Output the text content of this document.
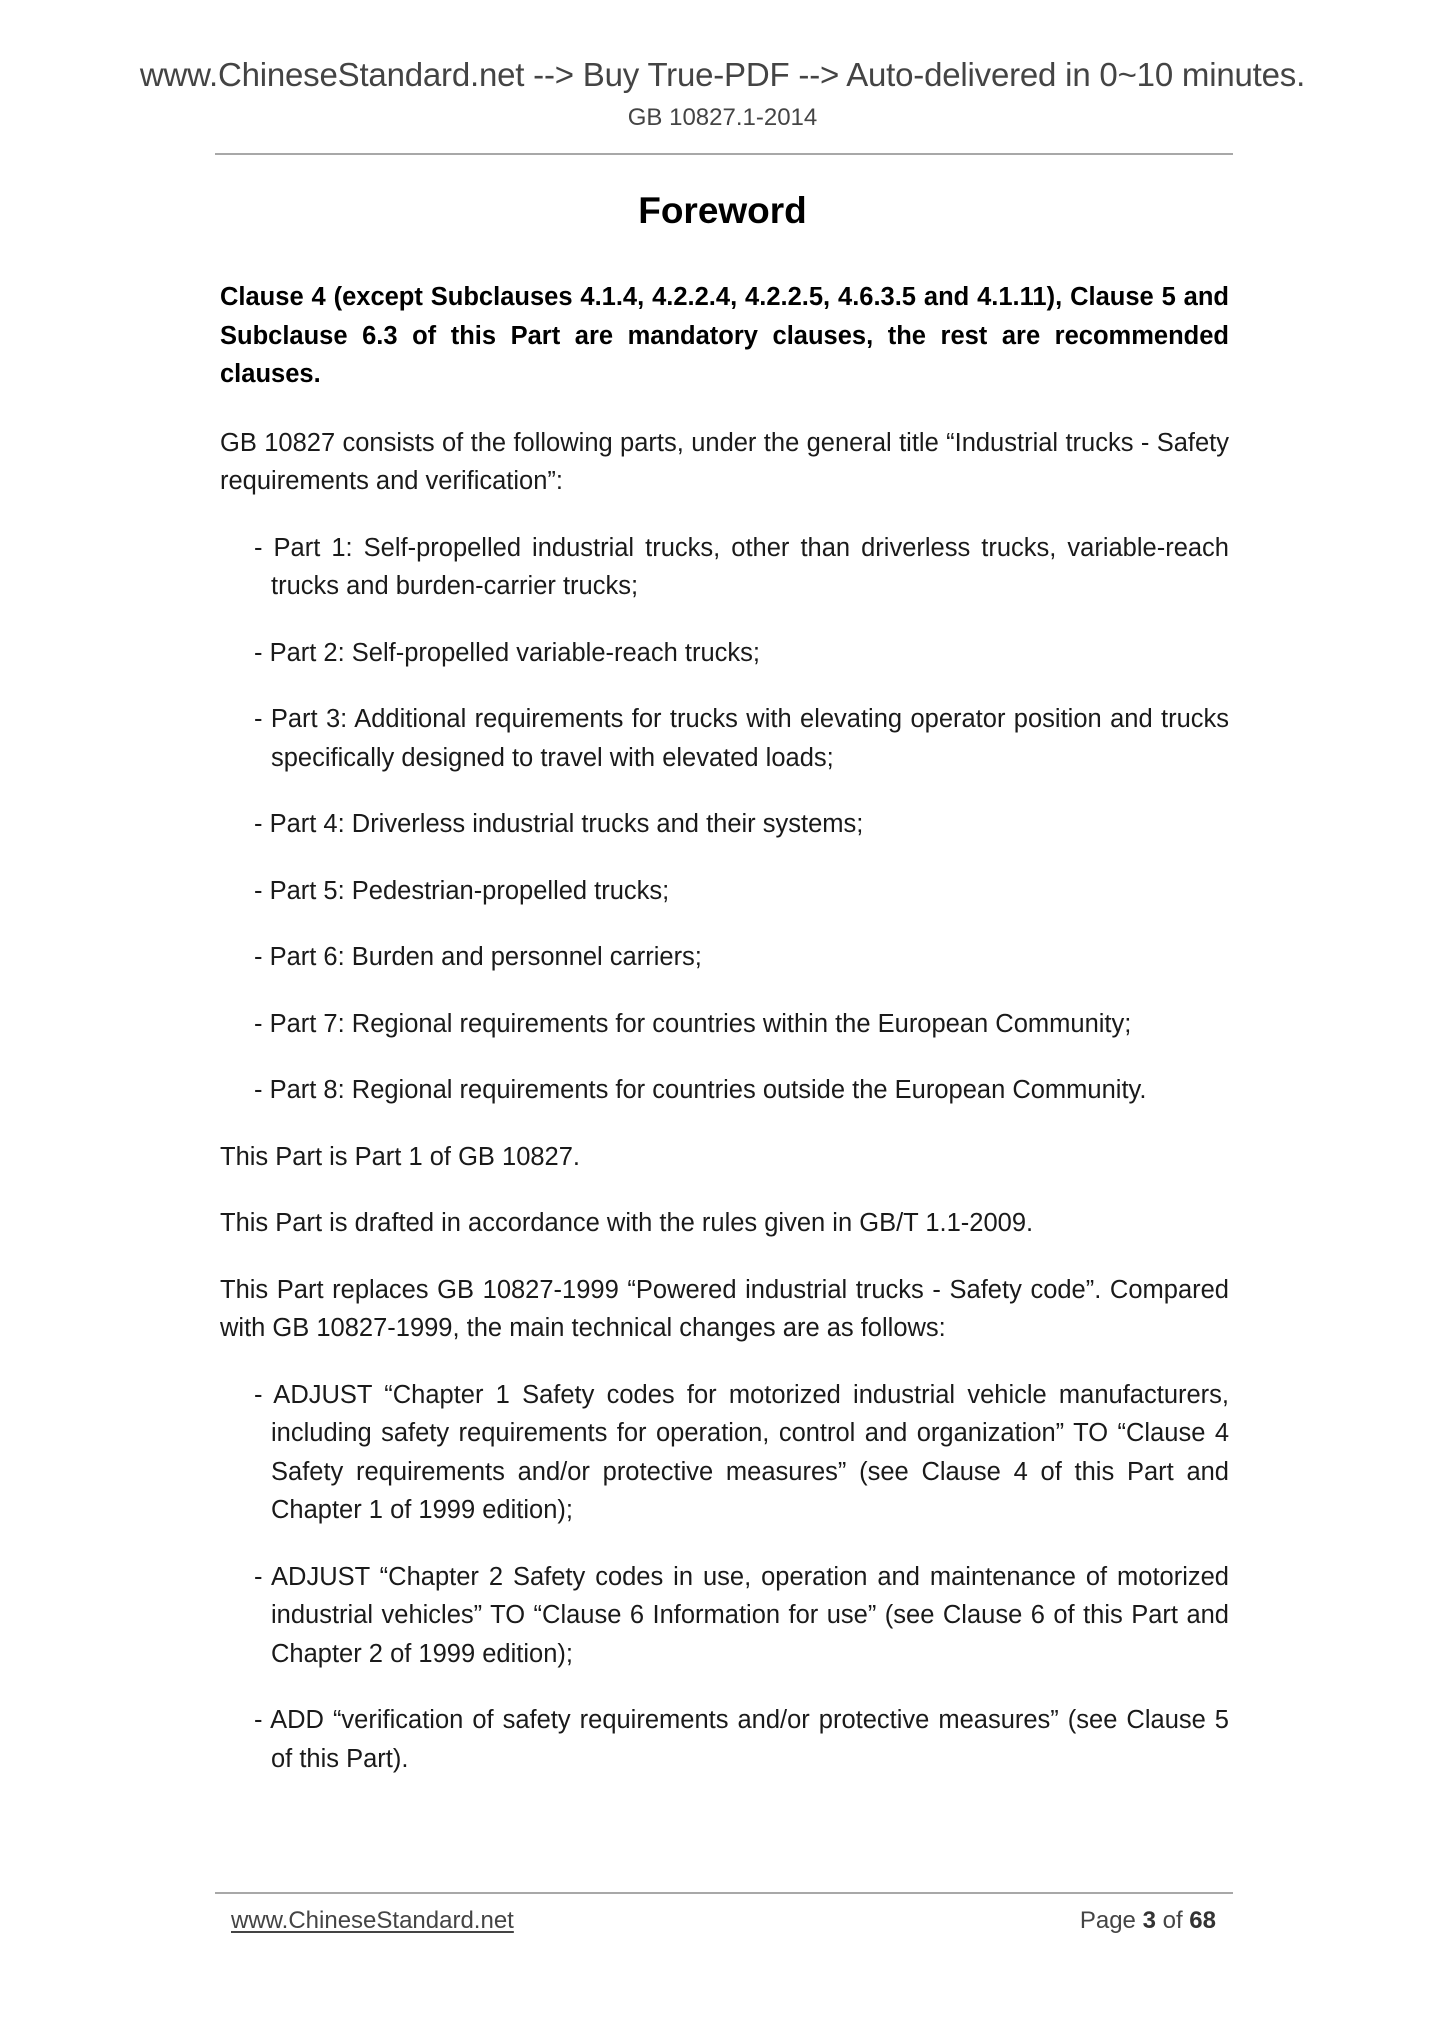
www.ChineseStandard.net --> Buy True-PDF --> Auto-delivered in 0~10 minutes.
GB 10827.1-2014
Foreword

Clause 4 (except Subclauses 4.1.4, 4.2.2.4, 4.2.2.5, 4.6.3.5 and 4.1.11), Clause 5 and Subclause 6.3 of this Part are mandatory clauses, the rest are recommended clauses.

GB 10827 consists of the following parts, under the general title “Industrial trucks - Safety requirements and verification”:

- Part 1: Self-propelled industrial trucks, other than driverless trucks, variable-reach trucks and burden-carrier trucks;

- Part 2: Self-propelled variable-reach trucks;

- Part 3: Additional requirements for trucks with elevating operator position and trucks specifically designed to travel with elevated loads;

- Part 4: Driverless industrial trucks and their systems;

- Part 5: Pedestrian-propelled trucks;

- Part 6: Burden and personnel carriers;

- Part 7: Regional requirements for countries within the European Community;

- Part 8: Regional requirements for countries outside the European Community.

This Part is Part 1 of GB 10827.

This Part is drafted in accordance with the rules given in GB/T 1.1-2009.

This Part replaces GB 10827-1999 “Powered industrial trucks - Safety code”. Compared with GB 10827-1999, the main technical changes are as follows:

- ADJUST “Chapter 1 Safety codes for motorized industrial vehicle manufacturers, including safety requirements for operation, control and organization” TO “Clause 4 Safety requirements and/or protective measures” (see Clause 4 of this Part and Chapter 1 of 1999 edition);

- ADJUST “Chapter 2 Safety codes in use, operation and maintenance of motorized industrial vehicles” TO “Clause 6 Information for use” (see Clause 6 of this Part and Chapter 2 of 1999 edition);

- ADD “verification of safety requirements and/or protective measures” (see Clause 5 of this Part).

www.ChineseStandard.net	Page 3 of 68
